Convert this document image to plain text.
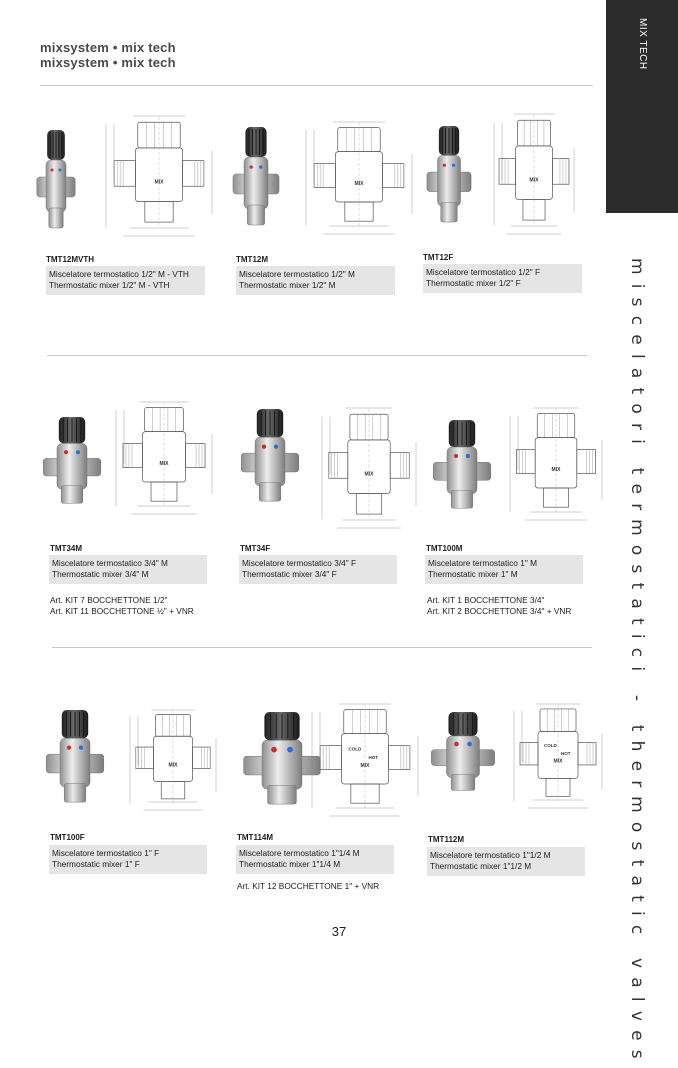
mixsystem • mix tech
mixsystem • mix tech	MIX TECH
miscelatori termostatici - thermostatic valves
MIX	MIX
MIX
MIX
MIX
MIX
MIX	MIX
COLD
HOT
MIX
COLD
HOT
TMT12MVTH
Miscelatore termostatico 1/2" M - VTH
Thermostatic mixer 1/2" M - VTH
TMT12M
Miscelatore termostatico 1/2" M
Thermostatic mixer 1/2" M
TMT12F
Miscelatore termostatico 1/2" F
Thermostatic mixer 1/2" F
TMT34M
Miscelatore termostatico 3/4" M
Thermostatic mixer 3/4" M
Art. KIT 7 BOCCHETTONE 1/2"
Art. KIT 11 BOCCHETTONE ½" + VNR
TMT34F
Miscelatore termostatico 3/4" F
Thermostatic mixer 3/4" F
TMT100M
Miscelatore termostatico 1" M
Thermostatic mixer 1" M
Art. KIT 1 BOCCHETTONE 3/4"
Art. KIT 2 BOCCHETTONE 3/4" + VNR
TMT100F
Miscelatore termostatico 1" F
Thermostatic mixer 1" F
TMT114M
Miscelatore termostatico 1"1/4 M
Thermostatic mixer 1"1/4 M
Art. KIT 12 BOCCHETTONE 1" + VNR
TMT112M
Miscelatore termostatico 1"1/2 M
Thermostatic mixer 1"1/2 M
37
